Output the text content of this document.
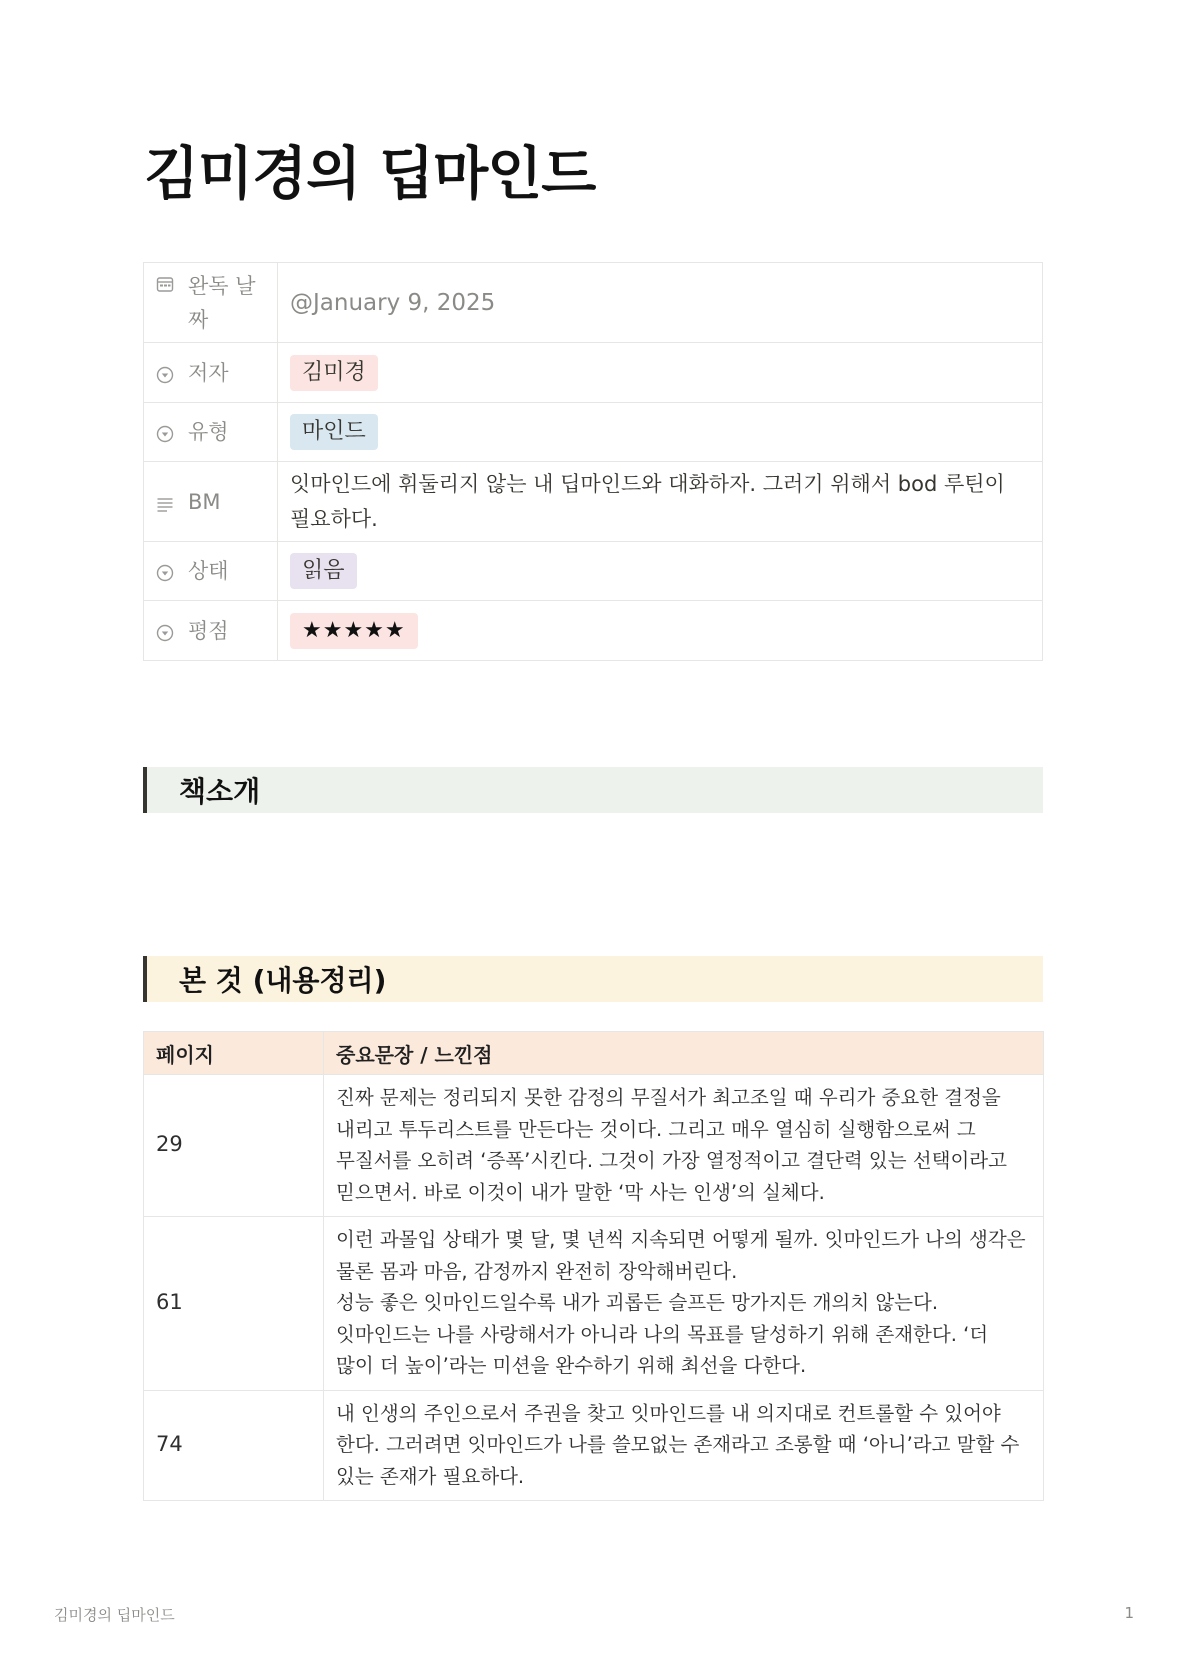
김미경의 딥마인드
완독 날짜	@January 9, 2025

저자	김미경

유형	마인드

BM	잇마인드에 휘둘리지 않는 내 딥마인드와 대화하자. 그러기 위해서 bod 루틴이 필요하다.

상태	읽음

평점	★★★★★
책소개
본 것 (내용정리)
페이지	중요문장 / 느낀점
29	진짜 문제는 정리되지 못한 감정의 무질서가 최고조일 때 우리가 중요한 결정을 내리고 투두리스트를 만든다는 것이다. 그리고 매우 열심히 실행함으로써 그 무질서를 오히려 ‘증폭’시킨다. 그것이 가장 열정적이고 결단력 있는 선택이라고 믿으면서. 바로 이것이 내가 말한 ‘막 사는 인생’의 실체다.

61	이런 과몰입 상태가 몇 달, 몇 년씩 지속되면 어떻게 될까. 잇마인드가 나의 생각은 물론 몸과 마음, 감정까지 완전히 장악해버린다.
성능 좋은 잇마인드일수록 내가 괴롭든 슬프든 망가지든 개의치 않는다. 잇마인드는 나를 사랑해서가 아니라 나의 목표를 달성하기 위해 존재한다. ‘더 많이 더 높이’라는 미션을 완수하기 위해 최선을 다한다.

74	내 인생의 주인으로서 주권을 찾고 잇마인드를 내 의지대로 컨트롤할 수 있어야 한다. 그러려면 잇마인드가 나를 쓸모없는 존재라고 조롱할 때 ‘아니’라고 말할 수 있는 존재가 필요하다.
김미경의 딥마인드	1
